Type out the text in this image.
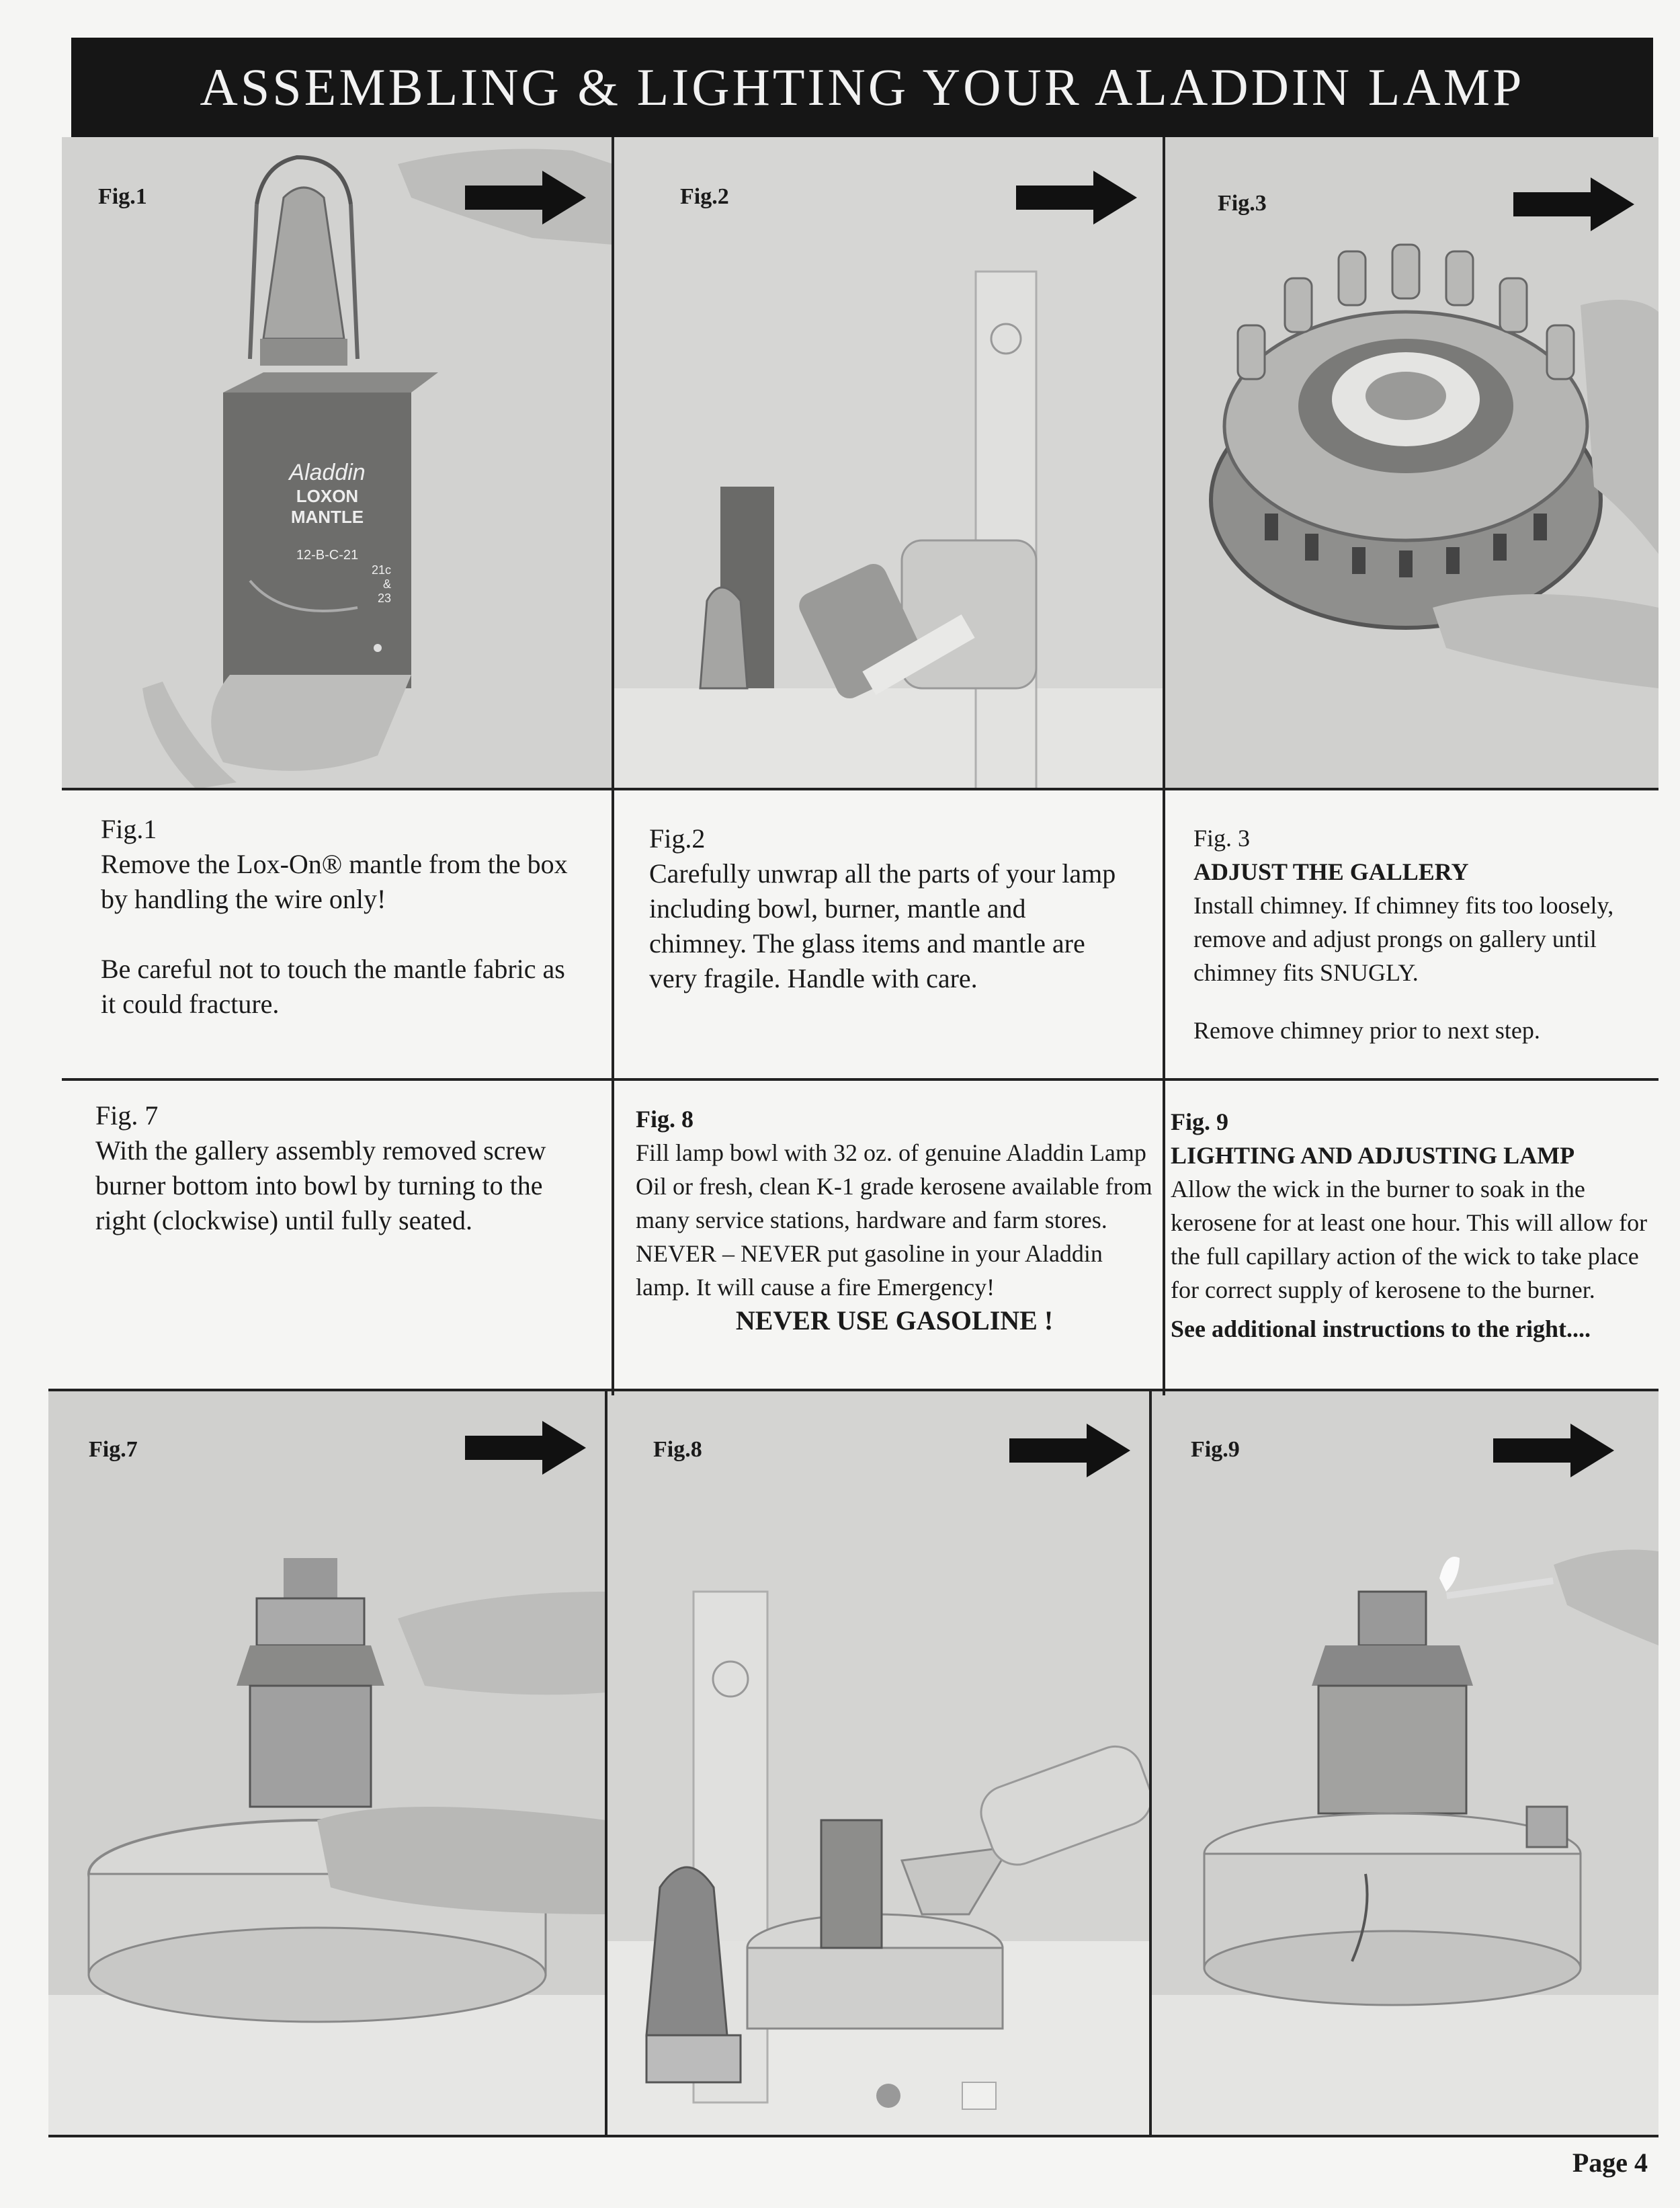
ASSEMBLING & LIGHTING YOUR ALADDIN LAMP
Aladdin
LOXON
MANTLE
12-B-C-21
21c
&
23
Fig.1	Fig.2	Fig.3

Fig.1

Remove the Lox-On® mantle from the box by handling the wire only!

Be careful not to touch the mantle fabric as it could fracture.

Fig.2

Carefully unwrap all the parts of your lamp including bowl, burner, mantle and chimney. The glass items and mantle are very fragile. Handle with care.

Fig. 3

ADJUST THE GALLERY

Install chimney. If chimney fits too loosely, remove and adjust prongs on gallery until chimney fits SNUGLY.

Remove chimney prior to next step.

Fig. 7

With the gallery assembly removed screw burner bottom into bowl by turning to the right (clockwise) until fully seated.

Fig. 8

Fill lamp bowl with 32 oz. of genuine Aladdin Lamp Oil or fresh, clean K-1 grade kerosene available from many service stations, hardware and farm stores.

NEVER – NEVER put gasoline in your Aladdin lamp. It will cause a fire Emergency!

NEVER USE GASOLINE !

Fig. 9

LIGHTING AND ADJUSTING LAMP

Allow the wick in the burner to soak in the kerosene for at least one hour. This will allow for the full capillary action of the wick to take place for correct supply of kerosene to the burner.

See additional instructions to the right....

Fig.7	Fig.8	Fig.9
Page 4
